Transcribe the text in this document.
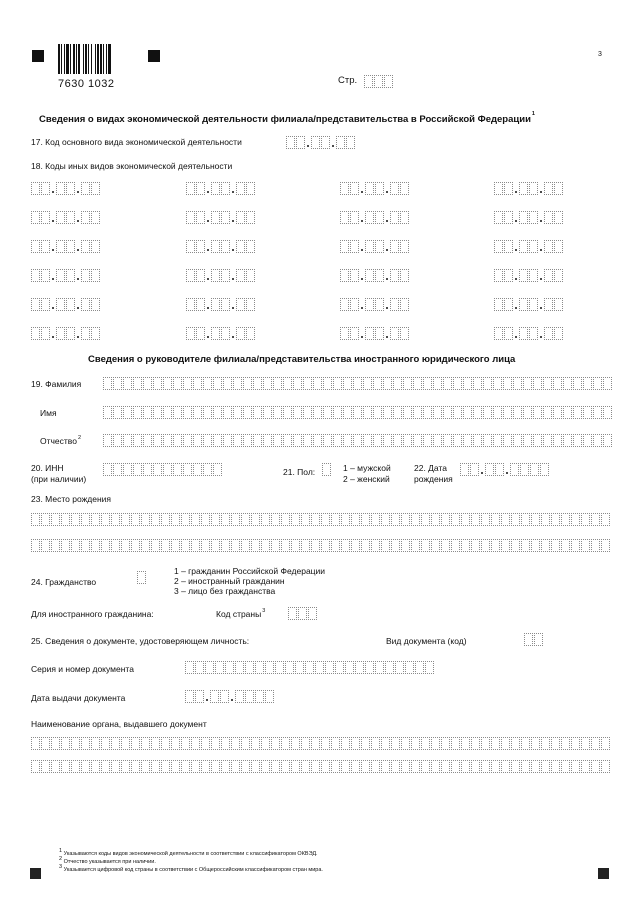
7630 1032
3
Стр.
Сведения о видах экономической деятельности филиала/представительства в Российской Федерации$^1$
17. Код основного вида экономической деятельности
18. Коды иных видов экономической деятельности
Сведения о руководителе филиала/представительства иностранного юридического лица
19. Фамилия
Имя
Отчество$^2$
20. ИНН
(при наличии)
21. Пол:	1 – мужской
2 – женский
22. Дата
рождения
23. Место рождения
24. Гражданство
1 – гражданин Российской Федерации
2 – иностранный гражданин
3 – лицо без гражданства
Для иностранного гражданина:	Код страны$^3$
25. Сведения о документе, удостоверяющем личность:	Вид документа (код)
Серия и номер документа
Дата выдачи документа
Наименование органа, выдавшего документ
$^1$ Указываются коды видов экономической деятельности в соответствии с классификатором ОКВЭД.
$^2$ Отчество указывается при наличии.
$^3$ Указывается цифровой код страны в соответствии с Общероссийским классификатором стран мира.
